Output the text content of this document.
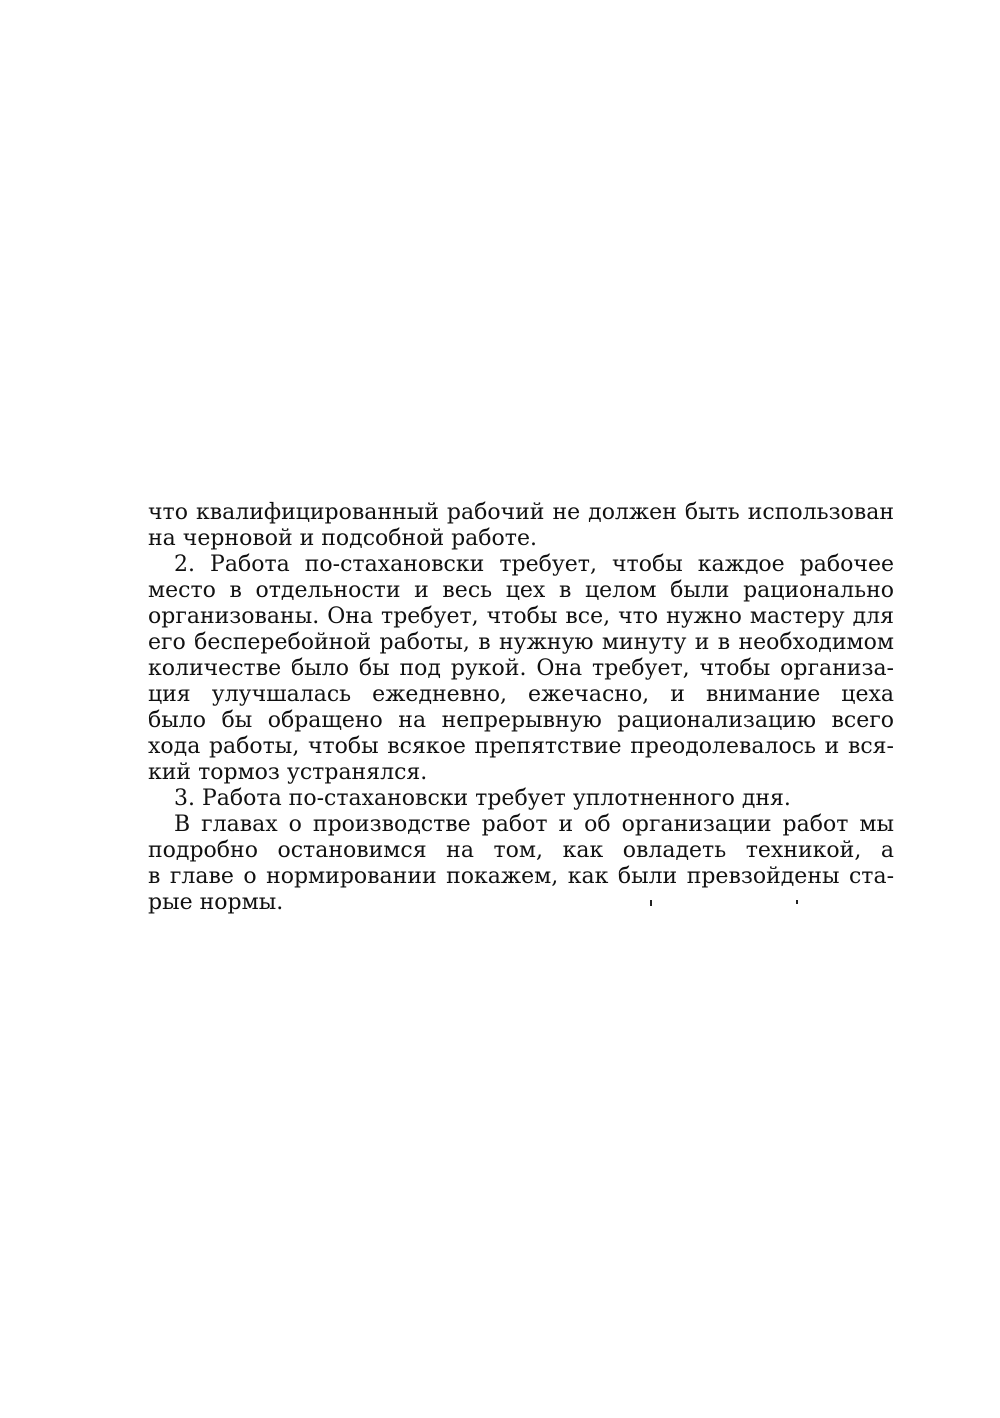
что квалифицированный рабочий не должен быть использован
на черновой и подсобной работе.
2. Работа по-стахановски требует, чтобы каждое рабочее
место в отдельности и весь цех в целом были рационально
организованы. Она требует, чтобы все, что нужно мастеру для
его бесперебойной работы, в нужную минуту и в необходимом
количестве было бы под рукой. Она требует, чтобы организа-
ция улучшалась ежедневно, ежечасно, и внимание цеха
было бы обращено на непрерывную рационализацию всего
хода работы, чтобы всякое препятствие преодолевалось и вся-
кий тормоз устранялся.
3. Работа по-стахановски требует уплотненного дня.
В главах о производстве работ и об организации работ мы
подробно остановимся на том, как овладеть техникой, а
в главе о нормировании покажем, как были превзойдены ста-
рые нормы.
